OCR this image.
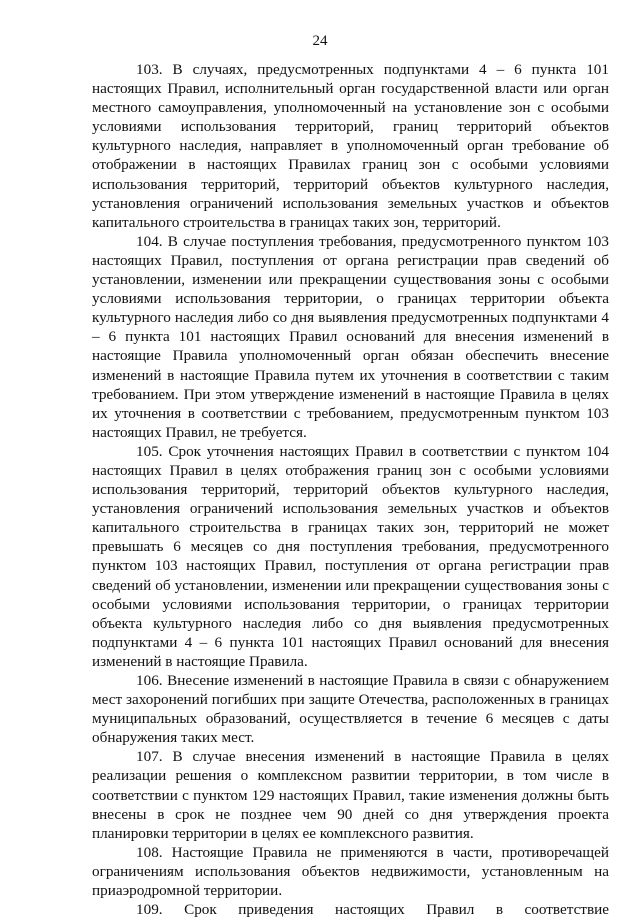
24

103. В случаях, предусмотренных подпунктами 4 – 6 пункта 101 настоящих Правил, исполнительный орган государственной власти или орган местного самоуправления, уполномоченный на установление зон с особыми условиями использования территорий, границ территорий объектов культурного наследия, направляет в уполномоченный орган требование об отображении в настоящих Правилах границ зон с особыми условиями использования территорий, территорий объектов культурного наследия, установления ограничений использования земельных участков и объектов капитального строительства в границах таких зон, территорий.

104. В случае поступления требования, предусмотренного пунктом 103 настоящих Правил, поступления от органа регистрации прав сведений об установлении, изменении или прекращении существования зоны с особыми условиями использования территории, о границах территории объекта культурного наследия либо со дня выявления предусмотренных подпунктами 4 – 6 пункта 101 настоящих Правил оснований для внесения изменений в настоящие Правила уполномоченный орган обязан обеспечить внесение изменений в настоящие Правила путем их уточнения в соответствии с таким требованием. При этом утверждение изменений в настоящие Правила в целях их уточнения в соответствии с требованием, предусмотренным пунктом 103 настоящих Правил, не требуется.

105. Срок уточнения настоящих Правил в соответствии с пунктом 104 настоящих Правил в целях отображения границ зон с особыми условиями использования территорий, территорий объектов культурного наследия, установления ограничений использования земельных участков и объектов капитального строительства в границах таких зон, территорий не может превышать 6 месяцев со дня поступления требования, предусмотренного пунктом 103 настоящих Правил, поступления от органа регистрации прав сведений об установлении, изменении или прекращении существования зоны с особыми условиями использования территории, о границах территории объекта культурного наследия либо со дня выявления предусмотренных подпунктами 4 – 6 пункта 101 настоящих Правил оснований для внесения изменений в настоящие Правила.

106. Внесение изменений в настоящие Правила в связи с обнаружением мест захоронений погибших при защите Отечества, расположенных в границах муниципальных образований, осуществляется в течение 6 месяцев с даты обнаружения таких мест.

107. В случае внесения изменений в настоящие Правила в целях реализации решения о комплексном развитии территории, в том числе в соответствии с пунктом 129 настоящих Правил, такие изменения должны быть внесены в срок не позднее чем 90 дней со дня утверждения проекта планировки территории в целях ее комплексного развития.

108. Настоящие Правила не применяются в части, противоречащей ограничениям использования объектов недвижимости, установленным на приаэродромной территории.

109. Срок приведения настоящих Правил в соответствие
